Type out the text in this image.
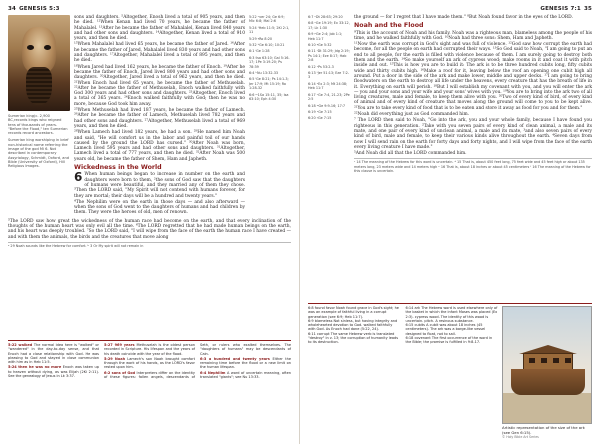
34 GENESIS 5:3
Sumerian king(c. 2,900 BC,records kings who reigned tens of thousands of years. "Before the Flood," ten Sumerian records record ancestors.
Sumerian king worshiping in brief non-historical name referring the image of the god Mi 6. Not described in contemporary Assyriology, Schmidt, Oxford, and Bible (University of Oxford), Hill Religious Images.

sons and daughters. ⁵Altogether, Enosh lived a total of 905 years, and then he died. ¹²When Kenan had lived 70 years, he became the father of Mahalalel. ¹³After he became the father of Mahalalel, Kenan lived 840 years and had other sons and daughters. ¹⁴Altogether, Kenan lived a total of 910 years, and then he died.

¹⁵When Mahalalel had lived 65 years, he became the father of Jared. ¹⁶After he became the father of Jared, Mahalalel lived 830 years and had other sons and daughters. ¹⁷Altogether, Mahalalel lived a total of 895 years, and then he died.

¹⁸When Jared had lived 162 years, he became the father of Enoch. ¹⁹After he became the father of Enoch, Jared lived 800 years and had other sons and daughters. ²⁰Altogether, Jared lived a total of 962 years, and then he died. ²¹When Enoch had lived 65 years, he became the father of Methuselah. ²²After he became the father of Methuselah, Enoch walked faithfully with God 300 years and had other sons and daughters. ²³Altogether, Enoch lived a total of 365 years. ²⁴Enoch walked faithfully with God; then he was no more, because God took him away.

²⁵When Methuselah had lived 187 years, he became the father of Lamech. ²⁶After he became the father of Lamech, Methuselah lived 782 years and had other sons and daughters. ²⁷Altogether, Methuselah lived a total of 969 years, and then he died.

²⁸When Lamech had lived 182 years, he had a son. ²⁹He named him Noah and said, "He will comfort us in the labor and painful toil of our hands caused by the ground the LORD has cursed." ³⁰After Noah was born, Lamech lived 595 years and had other sons and daughters. ³¹Altogether, Lamech lived a total of 777 years, and then he died. ³²After Noah was 500 years old, he became the father of Shem, Ham and Japheth.

Wickedness in the World

6 When human beings began to increase in number on the earth and daughters were born to them, ²the sons of God saw that the daughters of humans were beautiful, and they married any of them they chose. ³Then the LORD said, "My Spirit will not contend with humans forever, for they are mortal; their days will be a hundred and twenty years."

⁴The Nephilim were on the earth in those days — and also afterward — when the sons of God went to the daughters of humans and had children by them. They were the heroes of old, men of renown.

5:22 ᵉver 24; Ge 6:9; Mic 6:8; Mal 2:6
5:24 ᶠHeb 11:5; 2Ki 2:1, 11
5:29 ᵍRo 8:20
5:32 ʰGe 6:10; 10:21
6:1 ⁱGe 1:28
6:3 ʲIsa 63:10; Gal 5:16-17; 1Pe 3:19-20; Ps 78:39
6:4 ᵏNu 13:32-33
6:5 ˡGe 8:21; Ps 14:1-3; Jer 17:9; Mt 15:19; Ro 1:28-32
6:6 ᵐ1Sa 15:11, 35; Isa 63:10; Eph 4:30

⁵The LORD saw how great the wickedness of the human race had become on the earth, and that every inclination of the thoughts of the human heart was only evil all the time. ⁶The LORD regretted that he had made human beings on the earth, and his heart was deeply troubled. ⁷So the LORD said, "I will wipe from the face of the earth the human race I have created — and with them the animals, the birds and the creatures that move along

ᵃ 29 Noah sounds like the Hebrew for comfort. ᵇ 3 Or My spirit will not remain in

5:22 walked The normal idea here is "walked" or "wandered" in the day-to-day sense, and that Enoch had a close relationship with God. He was pleasing to God and stayed in close communion with him as in Heb 11:5.

5:24 then he was no more Enoch was taken up to heaven without dying, as was Elijah (2Ki 2:11). See the genealogy of Jesus in Lk 3:37.

5:27 969 years Methuselah is the oldest person recorded in Scripture. His lifespan and the years of his death coincide with the year of the flood.

5:29 Noah Lamech's son Noah brought comfort through the work of his hands, as the LORD's favor rested upon him.

6:2 sons of God Interpreters differ on the identity of these figures: fallen angels, descendants of Seth, or rulers who exalted themselves. The "daughters of humans" may be descendants of Cain.

6:3 a hundred and twenty years Either the remaining time before the flood or a new limit on the human lifespan.

6:4 Nephilim A word of uncertain meaning, often translated "giants"; see Nu 13:33.

GENESIS 7:1 35
6:7 ⁿDt 28:63; 29:20
6:8 ᵒGe 19:19; Ex 33:12, 17; Lk 1:30
6:9 ᵖGe 2:4; Job 1:1; Heb 11:7
6:10 ᵠGe 5:32
6:11 ʳDt 31:29; Jdg 2:19; Ps 14:1; Eze 8:17; Hab 2:8
6:12 ˢPs 53:2-3
6:13 ᵗJer 51:13; Eze 7:2-3
6:14 ᵘEx 2:3; Mt 24:38; Heb 11:7
6:17 ᵛGe 7:4, 21-23; 2Pe 2:5
6:18 ʷGe 9:9-16; 17:7
6:19 ˣGe 7:15
6:20 ʸGe 7:15

the ground — for I regret that I have made them." ⁸But Noah found favor in the eyes of the LORD.

Noah and the Flood

⁹This is the account of Noah and his family. Noah was a righteous man, blameless among the people of his time, and he walked faithfully with God. ¹⁰Noah had three sons: Shem, Ham and Japheth.

¹¹Now the earth was corrupt in God's sight and was full of violence. ¹²God saw how corrupt the earth had become, for all the people on earth had corrupted their ways. ¹³So God said to Noah, "I am going to put an end to all people, for the earth is filled with violence because of them. I am surely going to destroy both them and the earth. ¹⁴So make yourself an ark of cypress wood; make rooms in it and coat it with pitch inside and out. ¹⁵This is how you are to build it: The ark is to be three hundred cubits long, fifty cubits wide and thirty cubits high. ¹⁶Make a roof for it, leaving below the roof an opening one cubit high all around. Put a door in the side of the ark and make lower, middle and upper decks. ¹⁷I am going to bring floodwaters on the earth to destroy all life under the heavens, every creature that has the breath of life in it. Everything on earth will perish. ¹⁸But I will establish my covenant with you, and you will enter the ark — you and your sons and your wife and your sons' wives with you. ¹⁹You are to bring into the ark two of all living creatures, male and female, to keep them alive with you. ²⁰Two of every kind of bird, of every kind of animal and of every kind of creature that moves along the ground will come to you to be kept alive. ²¹You are to take every kind of food that is to be eaten and store it away as food for you and for them."

²²Noah did everything just as God commanded him.

⁷ The LORD then said to Noah, "Go into the ark, you and your whole family, because I have found you righteous in this generation. ²Take with you seven pairs of every kind of clean animal, a male and its mate, and one pair of every kind of unclean animal, a male and its mate, ³and also seven pairs of every kind of bird, male and female, to keep their various kinds alive throughout the earth. ⁴Seven days from now I will send rain on the earth for forty days and forty nights, and I will wipe from the face of the earth every living creature I have made."

⁵And Noah did all that the LORD commanded him.

ᶜ 14 The meaning of the Hebrew for this word is uncertain. ᵈ 15 That is, about 450 feet long, 75 feet wide and 45 feet high or about 135 meters long, 23 meters wide and 14 meters high ᵉ 16 That is, about 18 inches or about 45 centimeters ᶠ 16 The meaning of the Hebrew for this clause is uncertain.

6:8 found favor Noah found grace in God's sight; he was an example of faithful living in a corrupt generation (see 6:9; Heb 11:7).

6:9 blameless Not sinless, but having integrity and wholehearted devotion to God. walked faithfully with God. As Enoch had done (5:22, 24).

6:11 corrupt The same Hebrew verb is translated "destroy" in v. 13; the corruption of humanity leads to its destruction.

6:14 ark The Hebrew word is used elsewhere only of the basket in which the infant Moses was placed (Ex 2:3). cypress wood. The identity of this wood is uncertain. pitch. A resinous substance.

6:15 cubits A cubit was about 18 inches (45 centimeters). The ark was a barge-like vessel designed to float, not to sail.

6:18 covenant The first occurrence of the word in the Bible; the promise is fulfilled in 9:8-17.

Artistic representation of the size of the ark (see Gen 6:15).
© Holy Bible Art Series
